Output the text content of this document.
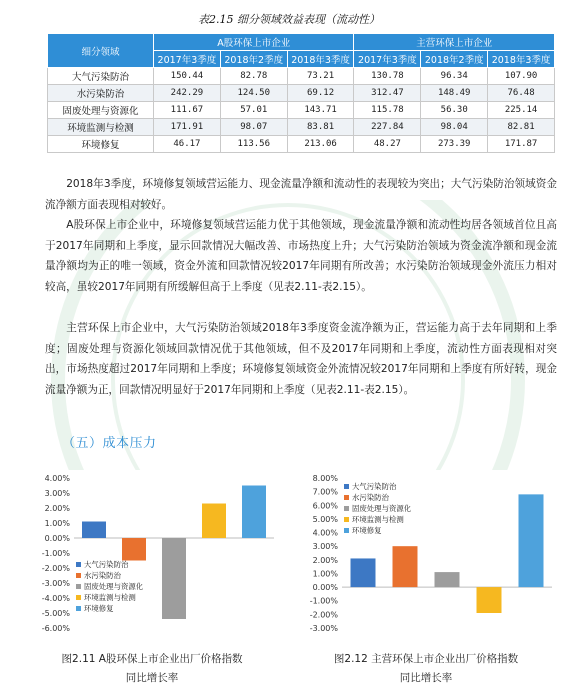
表2.15 细分领域效益表现（流动性）
细分领域	A股环保上市企业			主营环保上市企业		
	2017年3季度	2018年2季度	2018年3季度	2017年3季度	2018年2季度	2018年3季度
大气污染防治	150.44	82.78	73.21	130.78	96.34	107.90
水污染防治	242.29	124.50	69.12	312.47	148.49	76.48
固废处理与资源化	111.67	57.01	143.71	115.78	56.30	225.14
环境监测与检测	171.91	98.07	83.81	227.84	98.04	82.81
环境修复	46.17	113.56	213.06	48.27	273.39	171.87

2018年3季度，环境修复领域营运能力、现金流量净额和流动性的表现较为突出；大气污染防治领域资金流净额方面表现相对较好。

A股环保上市企业中，环境修复领域营运能力优于其他领域，现金流量净额和流动性均居各领域首位且高于2017年同期和上季度，显示回款情况大幅改善、市场热度上升；大气污染防治领域为资金流净额和现金流量净额均为正的唯一领域，资金外流和回款情况较2017年同期有所改善；水污染防治领域现金外流压力相对较高，虽较2017年同期有所缓解但高于上季度（见表2.11-表2.15）。

主营环保上市企业中，大气污染防治领域2018年3季度资金流净额为正，营运能力高于去年同期和上季度；固废处理与资源化领域回款情况优于其他领域，但不及2017年同期和上季度，流动性方面表现相对突出，市场热度超过2017年同期和上季度；环境修复领域资金外流情况较2017年同期和上季度有所好转，现金流量净额为正，回款情况明显好于2017年同期和上季度（见表2.11-表2.15）。

（五）成本压力
4.00%
3.00%
2.00%
1.00%
0.00%
-1.00%
-2.00%
-3.00%
-4.00%
-5.00%
-6.00%
大气污染防治
水污染防治
固废处理与资源化
环境监测与检测
环境修复
8.00%
7.00%
6.00%
5.00%
4.00%
3.00%
2.00%
1.00%
0.00%
-1.00%
-2.00%
-3.00%
大气污染防治
水污染防治
固废处理与资源化
环境监测与检测
环境修复
图2.11 A股环保上市企业出厂价格指数
同比增长率
图2.12 主营环保上市企业出厂价格指数
同比增长率
